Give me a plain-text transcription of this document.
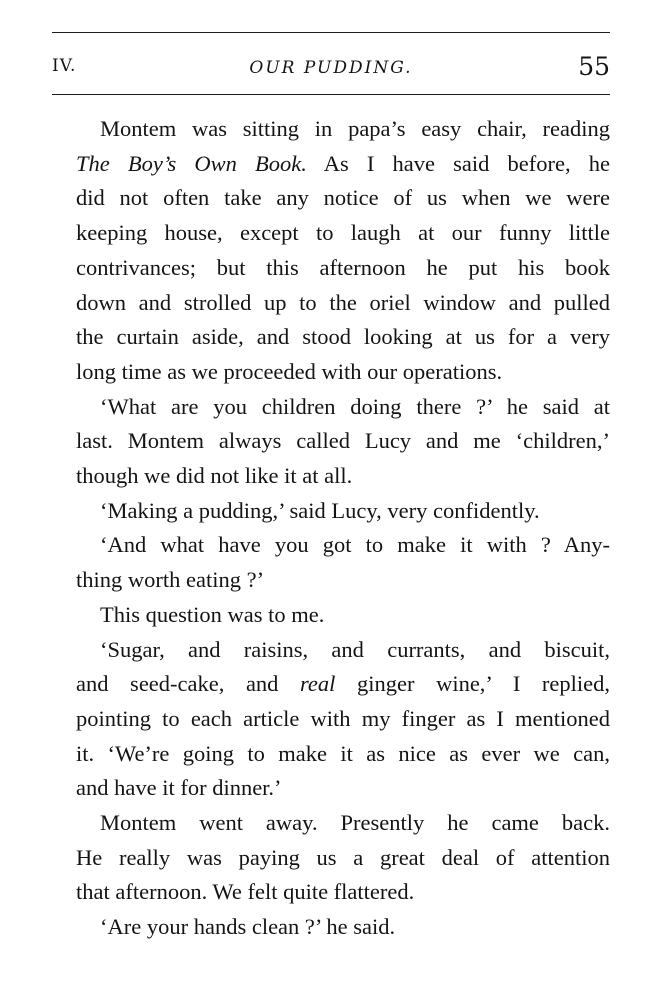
IV.	OUR PUDDING.	55

Montem was sitting in papa’s easy chair, reading
The Boy’s Own Book. As I have said before, he
did not often take any notice of us when we were
keeping house, except to laugh at our funny little
contrivances; but this afternoon he put his book
down and strolled up to the oriel window and pulled
the curtain aside, and stood looking at us for a very
long time as we proceeded with our operations.

‘What are you children doing there ?’ he said at
last. Montem always called Lucy and me ‘children,’
though we did not like it at all.

‘Making a pudding,’ said Lucy, very confidently.

‘And what have you got to make it with ? Any-
thing worth eating ?’

This question was to me.

‘Sugar, and raisins, and currants, and biscuit,
and seed-cake, and real ginger wine,’ I replied,
pointing to each article with my finger as I mentioned
it. ‘We’re going to make it as nice as ever we can,
and have it for dinner.’

Montem went away. Presently he came back.
He really was paying us a great deal of attention
that afternoon. We felt quite flattered.

‘Are your hands clean ?’ he said.
